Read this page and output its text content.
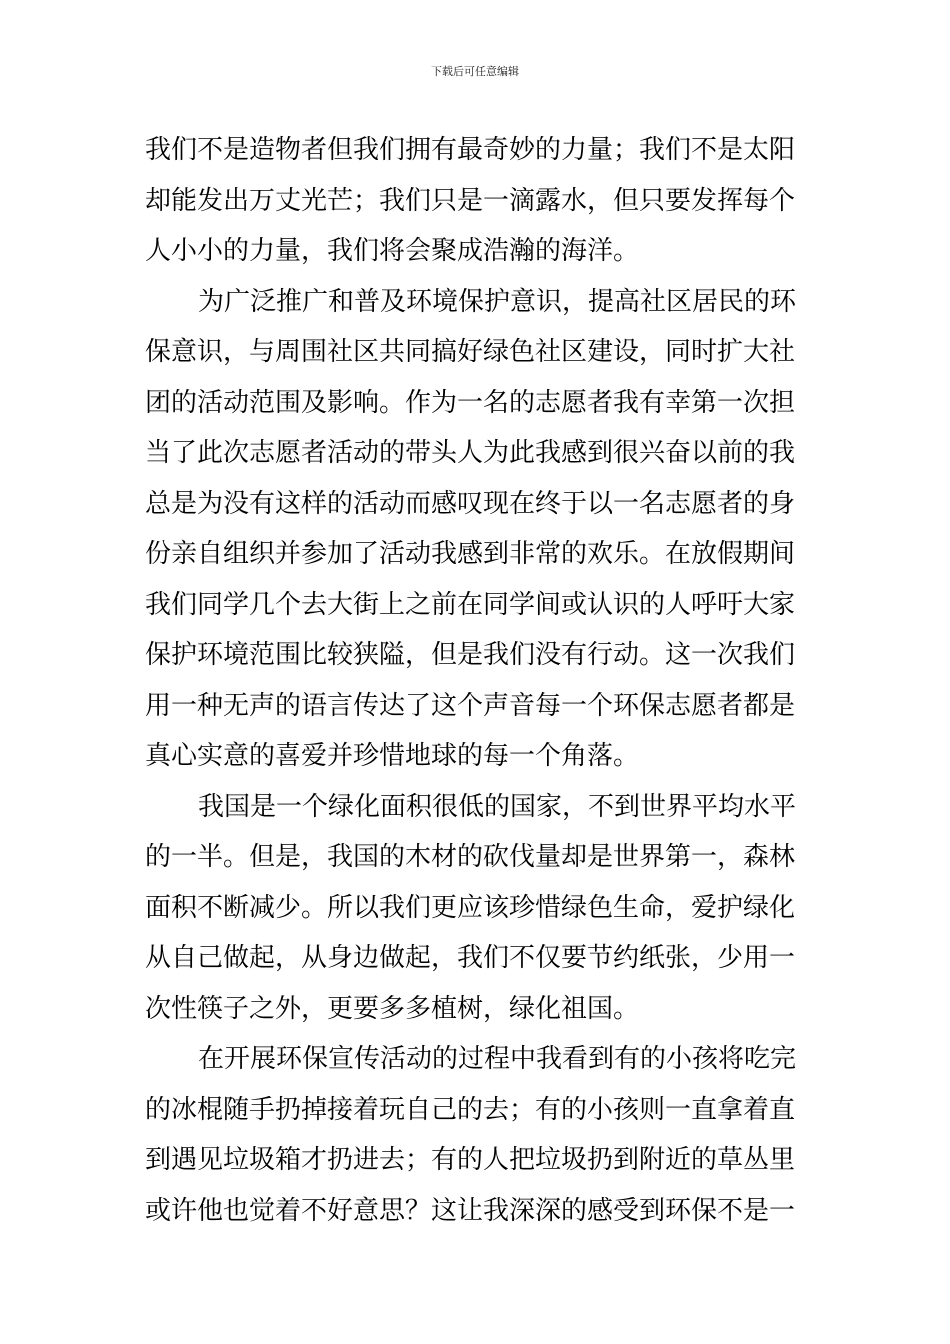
下载后可任意编辑
我们不是造物者但我们拥有最奇妙的力量；我们不是太阳
却能发出万丈光芒；我们只是一滴露水，但只要发挥每个
人小小的力量，我们将会聚成浩瀚的海洋。
为广泛推广和普及环境保护意识，提高社区居民的环
保意识，与周围社区共同搞好绿色社区建设，同时扩大社
团的活动范围及影响。作为一名的志愿者我有幸第一次担
当了此次志愿者活动的带头人为此我感到很兴奋以前的我
总是为没有这样的活动而感叹现在终于以一名志愿者的身
份亲自组织并参加了活动我感到非常的欢乐。在放假期间
我们同学几个去大街上之前在同学间或认识的人呼吁大家
保护环境范围比较狭隘，但是我们没有行动。这一次我们
用一种无声的语言传达了这个声音每一个环保志愿者都是
真心实意的喜爱并珍惜地球的每一个角落。
我国是一个绿化面积很低的国家，不到世界平均水平
的一半。但是，我国的木材的砍伐量却是世界第一，森林
面积不断减少。所以我们更应该珍惜绿色生命，爱护绿化
从自己做起，从身边做起，我们不仅要节约纸张，少用一
次性筷子之外，更要多多植树，绿化祖国。
在开展环保宣传活动的过程中我看到有的小孩将吃完
的冰棍随手扔掉接着玩自己的去；有的小孩则一直拿着直
到遇见垃圾箱才扔进去；有的人把垃圾扔到附近的草丛里
或许他也觉着不好意思？这让我深深的感受到环保不是一
